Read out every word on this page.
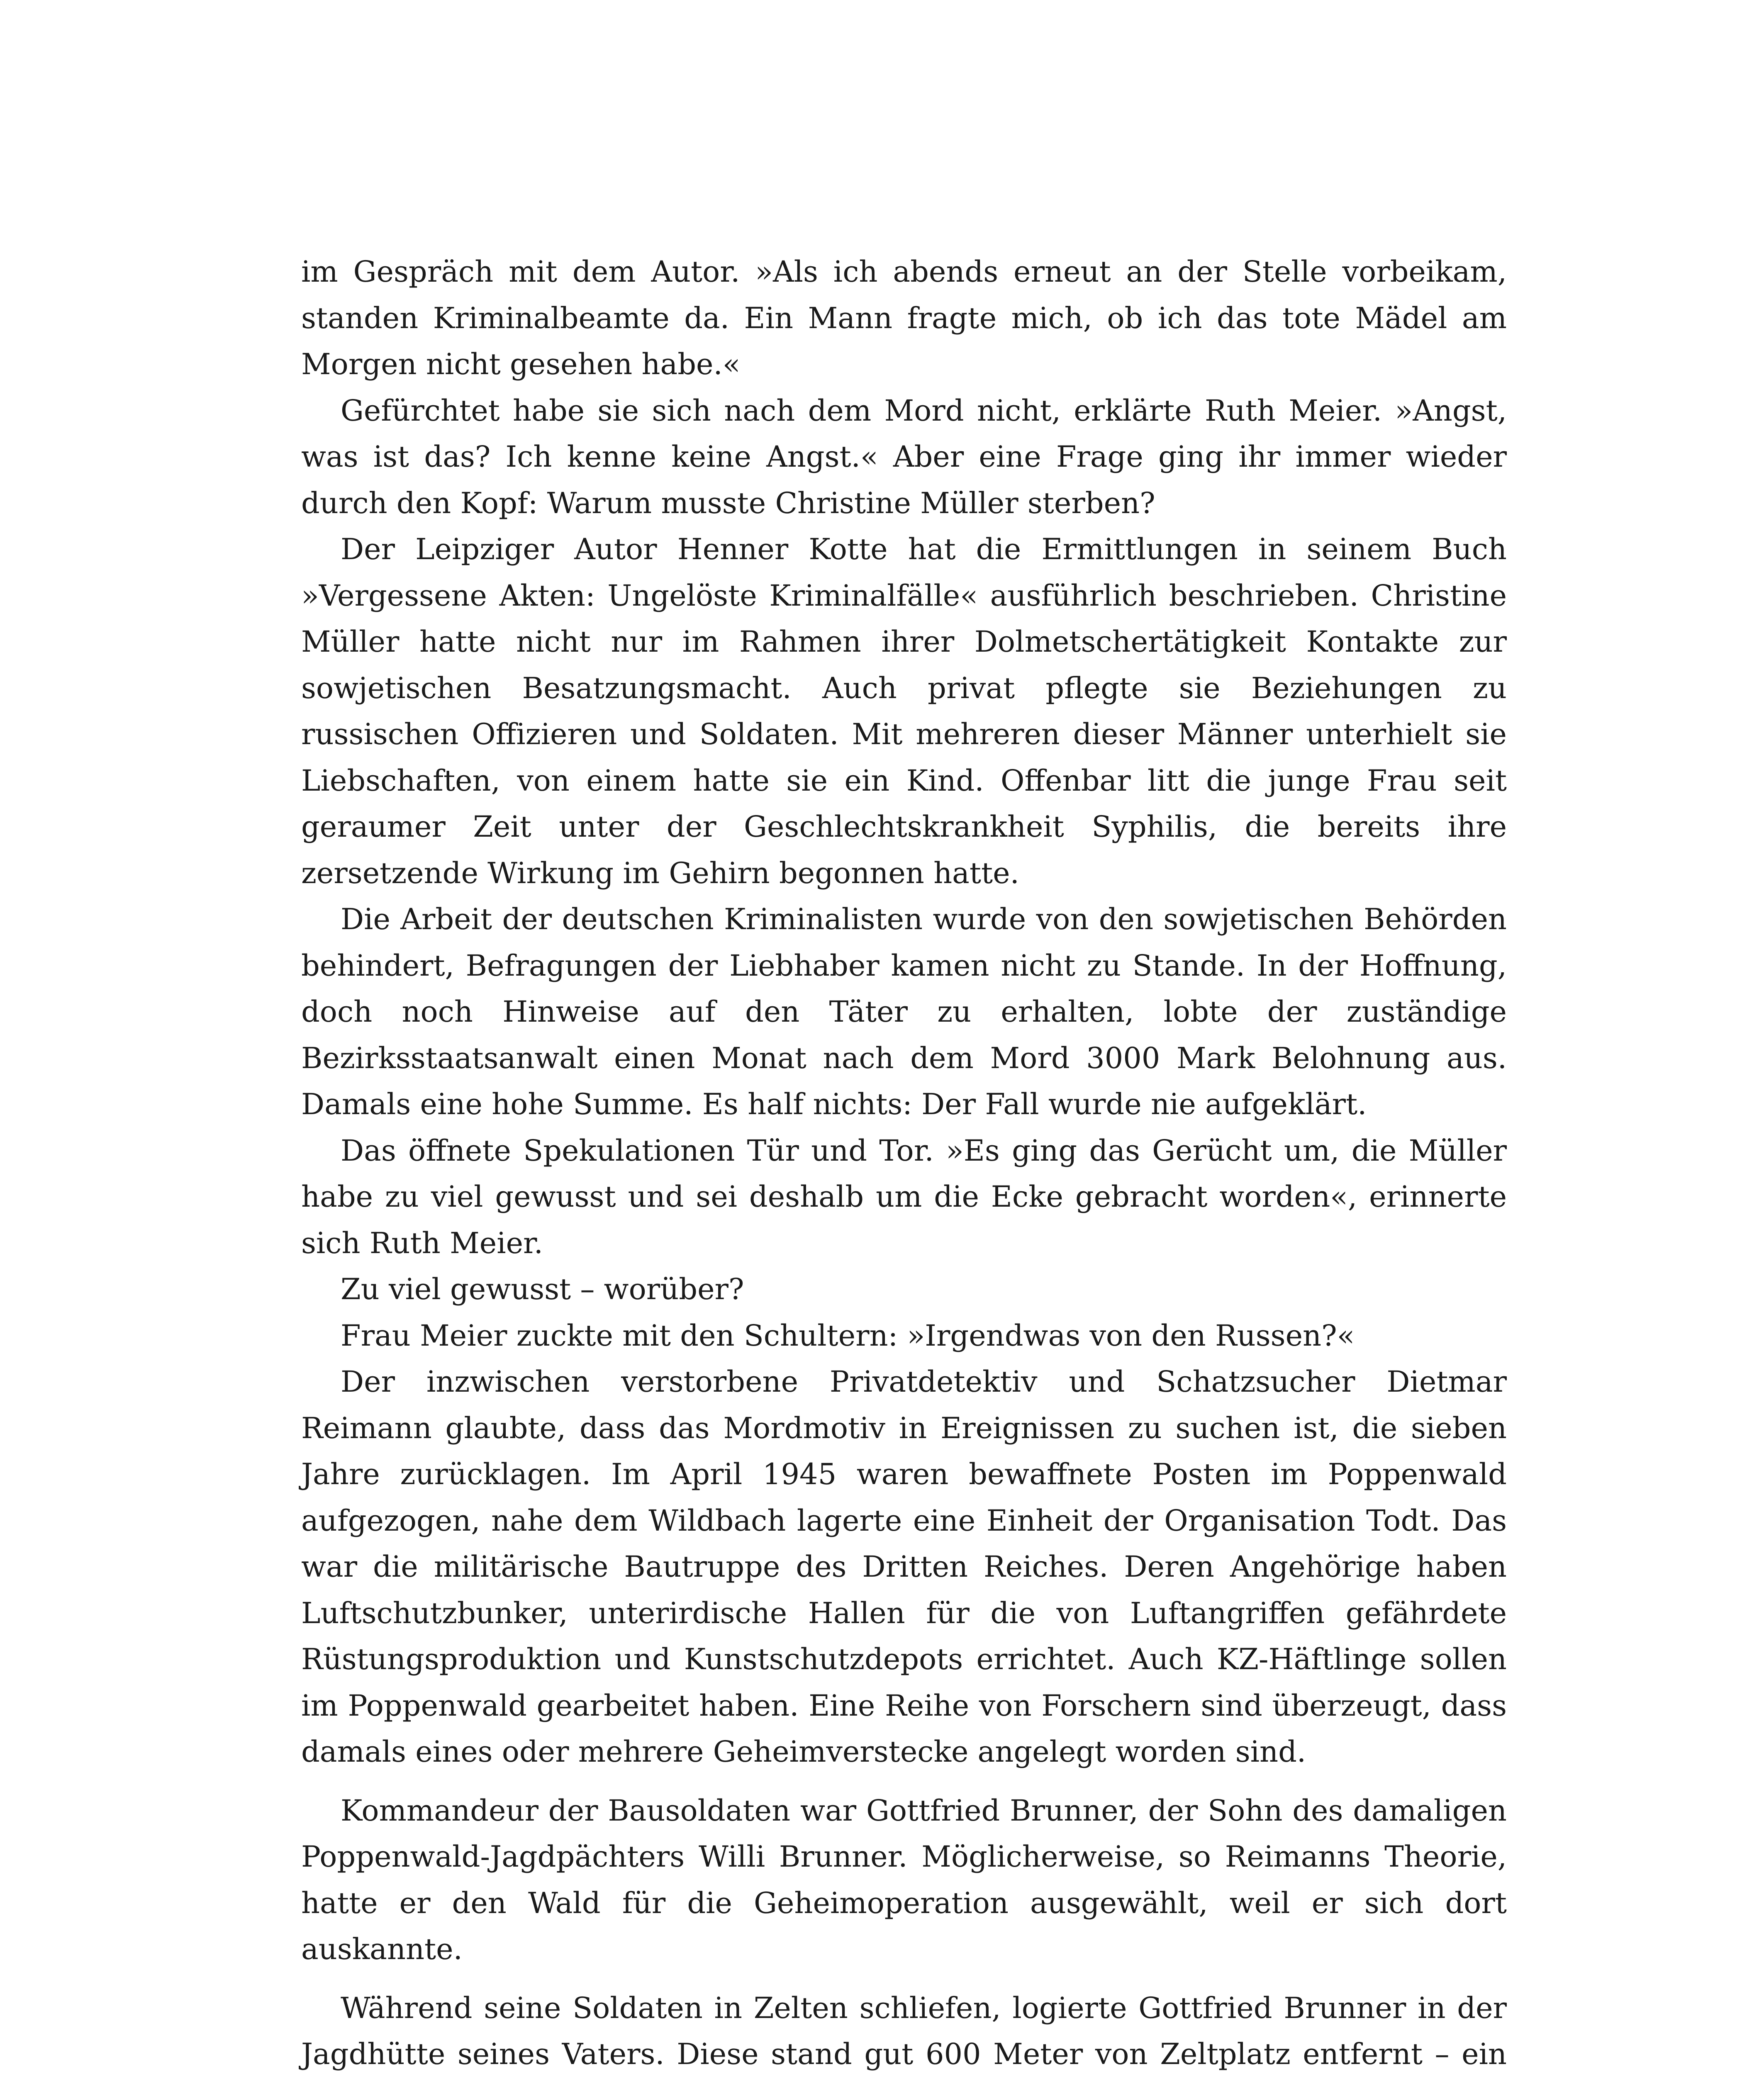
im Gespräch mit dem Autor. »Als ich abends erneut an der Stelle vorbeikam, standen Kriminalbeamte da. Ein Mann fragte mich, ob ich das tote Mädel am Morgen nicht gesehen habe.«

Gefürchtet habe sie sich nach dem Mord nicht, erklärte Ruth Meier. »Angst, was ist das? Ich kenne keine Angst.« Aber eine Frage ging ihr immer wieder durch den Kopf: Warum musste Christine Müller sterben?

Der Leipziger Autor Henner Kotte hat die Ermittlungen in seinem Buch »Vergessene Akten: Ungelöste Kriminalfälle« ausführlich beschrieben. Christine Müller hatte nicht nur im Rahmen ihrer Dolmetschertätigkeit Kontakte zur sowjetischen Besatzungsmacht. Auch privat pflegte sie Beziehungen zu russischen Offizieren und Soldaten. Mit mehreren dieser Männer unterhielt sie Liebschaften, von einem hatte sie ein Kind. Offenbar litt die junge Frau seit geraumer Zeit unter der Geschlechtskrankheit Syphilis, die bereits ihre zersetzende Wirkung im Gehirn begonnen hatte.

Die Arbeit der deutschen Kriminalisten wurde von den sowjetischen Behörden behindert, Befragungen der Liebhaber kamen nicht zu Stande. In der Hoffnung, doch noch Hinweise auf den Täter zu erhalten, lobte der zuständige Bezirksstaatsanwalt einen Monat nach dem Mord 3000 Mark Belohnung aus. Damals eine hohe Summe. Es half nichts: Der Fall wurde nie aufgeklärt.

Das öffnete Spekulationen Tür und Tor. »Es ging das Gerücht um, die Müller habe zu viel gewusst und sei deshalb um die Ecke gebracht worden«, erinnerte sich Ruth Meier.

Zu viel gewusst – worüber?

Frau Meier zuckte mit den Schultern: »Irgendwas von den Russen?«

Der inzwischen verstorbene Privatdetektiv und Schatzsucher Dietmar Reimann glaubte, dass das Mordmotiv in Ereignissen zu suchen ist, die sieben Jahre zurücklagen. Im April 1945 waren bewaffnete Posten im Poppenwald aufgezogen, nahe dem Wildbach lagerte eine Einheit der Organisation Todt. Das war die militärische Bautruppe des Dritten Reiches. Deren Angehörige haben Luftschutzbunker, unterirdische Hallen für die von Luftangriffen gefährdete Rüstungsproduktion und Kunstschutzdepots errichtet. Auch KZ-Häftlinge sollen im Poppenwald gearbeitet haben. Eine Reihe von Forschern sind überzeugt, dass damals eines oder mehrere Geheimverstecke angelegt worden sind.

Kommandeur der Bausoldaten war Gottfried Brunner, der Sohn des damaligen Poppenwald-Jagdpächters Willi Brunner. Möglicherweise, so Reimanns Theorie, hatte er den Wald für die Geheimoperation ausgewählt, weil er sich dort auskannte.

Während seine Soldaten in Zelten schliefen, logierte Gottfried Brunner in der Jagdhütte seines Vaters. Diese stand gut 600 Meter von Zeltplatz entfernt – ein
